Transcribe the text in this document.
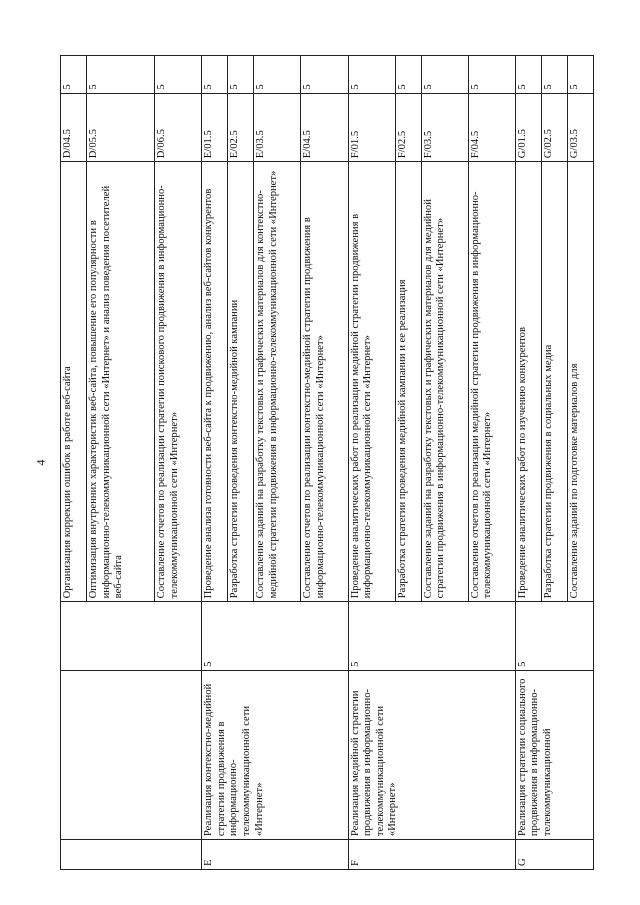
4
			Организация коррекции ошибок в работе веб-сайта	D/04.5	5
			Оптимизация внутренних характеристик веб-сайта, повышение его популярности в информационно-телекоммуникационной сети «Интернет» и анализ поведения посетителей веб-сайта	D/05.5	5
			Составление отчетов по реализации стратегии поискового продвижения в информационно-телекоммуникационной сети «Интернет»	D/06.5	5
E	Реализация контекстно-медийной стратегии продвижения в информационно-телекоммуникационной сети «Интернет»	5	Проведение анализа готовности веб-сайта к продвижению, анализ веб-сайтов конкурентов	E/01.5	5
			Разработка стратегии проведения контекстно-медийной кампании	E/02.5	5
			Составление заданий на разработку текстовых и графических материалов для контекстно-медийной стратегии продвижения в информационно-телекоммуникационной сети «Интернет»	E/03.5	5
			Составление отчетов по реализации контекстно-медийной стратегии продвижения в информационно-телекоммуникационной сети «Интернет»	E/04.5	5
F	Реализация медийной стратегии продвижения в информационно-телекоммуникационной сети «Интернет»	5	Проведение аналитических работ по реализации медийной стратегии продвижения в информационно-телекоммуникационной сети «Интернет»	F/01.5	5
			Разработка стратегии проведения медийной кампании и ее реализация	F/02.5	5
			Составление заданий на разработку текстовых и графических материалов для медийной стратегии продвижения в информационно-телекоммуникационной сети «Интернет»	F/03.5	5
			Составление отчетов по реализации медийной стратегии продвижения в информационно-телекоммуникационной сети «Интернет»	F/04.5	5
G	Реализация стратегии социального продвижения в информационно-телекоммуникационной	5	Проведение аналитических работ по изучению конкурентов	G/01.5	5
			Разработка стратегии продвижения в социальных медиа	G/02.5	5
			Составление заданий по подготовке материалов для	G/03.5	5
